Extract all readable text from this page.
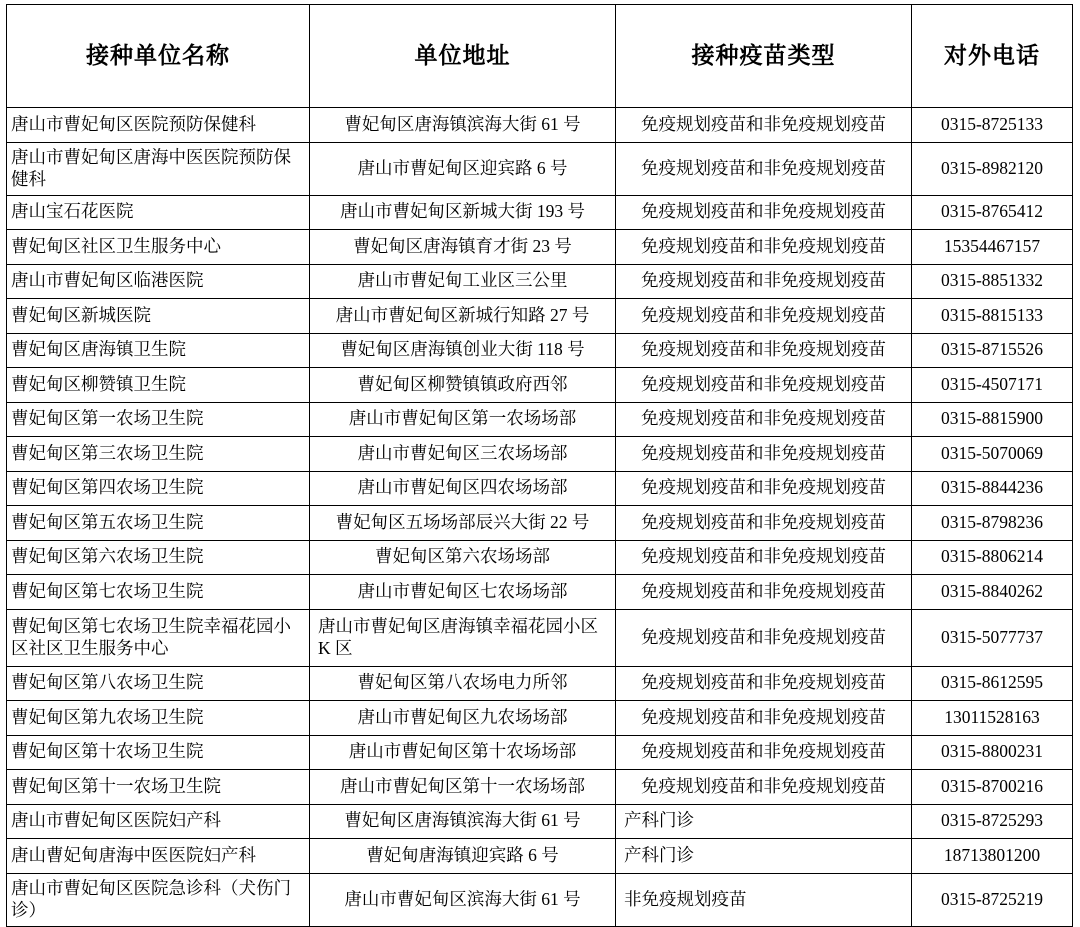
接种单位名称	单位地址	接种疫苗类型	对外电话
唐山市曹妃甸区医院预防保健科	曹妃甸区唐海镇滨海大街 61 号	免疫规划疫苗和非免疫规划疫苗	0315-8725133
唐山市曹妃甸区唐海中医医院预防保健科	唐山市曹妃甸区迎宾路 6 号	免疫规划疫苗和非免疫规划疫苗	0315-8982120
唐山宝石花医院	唐山市曹妃甸区新城大街 193 号	免疫规划疫苗和非免疫规划疫苗	0315-8765412
曹妃甸区社区卫生服务中心	曹妃甸区唐海镇育才街 23 号	免疫规划疫苗和非免疫规划疫苗	15354467157
唐山市曹妃甸区临港医院	唐山市曹妃甸工业区三公里	免疫规划疫苗和非免疫规划疫苗	0315-8851332
曹妃甸区新城医院	唐山市曹妃甸区新城行知路 27 号	免疫规划疫苗和非免疫规划疫苗	0315-8815133
曹妃甸区唐海镇卫生院	曹妃甸区唐海镇创业大街 118 号	免疫规划疫苗和非免疫规划疫苗	0315-8715526
曹妃甸区柳赞镇卫生院	曹妃甸区柳赞镇镇政府西邻	免疫规划疫苗和非免疫规划疫苗	0315-4507171
曹妃甸区第一农场卫生院	唐山市曹妃甸区第一农场场部	免疫规划疫苗和非免疫规划疫苗	0315-8815900
曹妃甸区第三农场卫生院	唐山市曹妃甸区三农场场部	免疫规划疫苗和非免疫规划疫苗	0315-5070069
曹妃甸区第四农场卫生院	唐山市曹妃甸区四农场场部	免疫规划疫苗和非免疫规划疫苗	0315-8844236
曹妃甸区第五农场卫生院	曹妃甸区五场场部辰兴大街 22 号	免疫规划疫苗和非免疫规划疫苗	0315-8798236
曹妃甸区第六农场卫生院	曹妃甸区第六农场场部	免疫规划疫苗和非免疫规划疫苗	0315-8806214
曹妃甸区第七农场卫生院	唐山市曹妃甸区七农场场部	免疫规划疫苗和非免疫规划疫苗	0315-8840262
曹妃甸区第七农场卫生院幸福花园小区社区卫生服务中心	唐山市曹妃甸区唐海镇幸福花园小区 K 区	免疫规划疫苗和非免疫规划疫苗	0315-5077737
曹妃甸区第八农场卫生院	曹妃甸区第八农场电力所邻	免疫规划疫苗和非免疫规划疫苗	0315-8612595
曹妃甸区第九农场卫生院	唐山市曹妃甸区九农场场部	免疫规划疫苗和非免疫规划疫苗	13011528163
曹妃甸区第十农场卫生院	唐山市曹妃甸区第十农场场部	免疫规划疫苗和非免疫规划疫苗	0315-8800231
曹妃甸区第十一农场卫生院	唐山市曹妃甸区第十一农场场部	免疫规划疫苗和非免疫规划疫苗	0315-8700216
唐山市曹妃甸区医院妇产科	曹妃甸区唐海镇滨海大街 61 号	产科门诊	0315-8725293
唐山曹妃甸唐海中医医院妇产科	曹妃甸唐海镇迎宾路 6 号	产科门诊	18713801200
唐山市曹妃甸区医院急诊科（犬伤门诊）	唐山市曹妃甸区滨海大街 61 号	非免疫规划疫苗	0315-8725219
